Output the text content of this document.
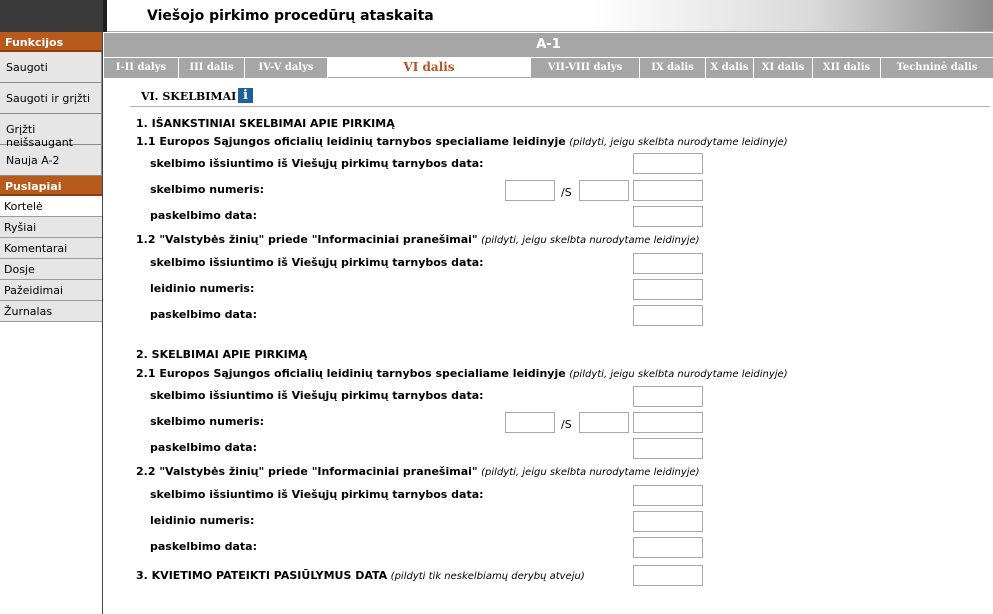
Viešojo pirkimo procedūrų ataskaita
Funkcijos
Saugoti
Saugoti ir grįžti
Grįžti neišsaugant
Nauja A-2
Puslapiai
Kortelė
Ryšiai
Komentarai
Dosje
Pažeidimai
Žurnalas
A-1
I-II dalys	III dalis	IV-V dalys	VI dalis	VII-VIII dalys	IX dalis	X dalis	XI dalis	XII dalis	Techninė dalis
VI. SKELBIMAI i
1. IŠANKSTINIAI SKELBIMAI APIE PIRKIMĄ
1.1 Europos Sąjungos oficialių leidinių tarnybos specialiame leidinyje (pildyti, jeigu skelbta nurodytame leidinyje)
skelbimo išsiuntimo iš Viešųjų pirkimų tarnybos data:
skelbimo numeris:	/S
paskelbimo data:
1.2 "Valstybės žinių" priede "Informaciniai pranešimai" (pildyti, jeigu skelbta nurodytame leidinyje)
skelbimo išsiuntimo iš Viešųjų pirkimų tarnybos data:
leidinio numeris:
paskelbimo data:
2. SKELBIMAI APIE PIRKIMĄ
2.1 Europos Sąjungos oficialių leidinių tarnybos specialiame leidinyje (pildyti, jeigu skelbta nurodytame leidinyje)
skelbimo išsiuntimo iš Viešųjų pirkimų tarnybos data:
skelbimo numeris:	/S
paskelbimo data:
2.2 "Valstybės žinių" priede "Informaciniai pranešimai" (pildyti, jeigu skelbta nurodytame leidinyje)
skelbimo išsiuntimo iš Viešųjų pirkimų tarnybos data:
leidinio numeris:
paskelbimo data:
3. KVIETIMO PATEIKTI PASIŪLYMUS DATA (pildyti tik neskelbiamų derybų atveju)
